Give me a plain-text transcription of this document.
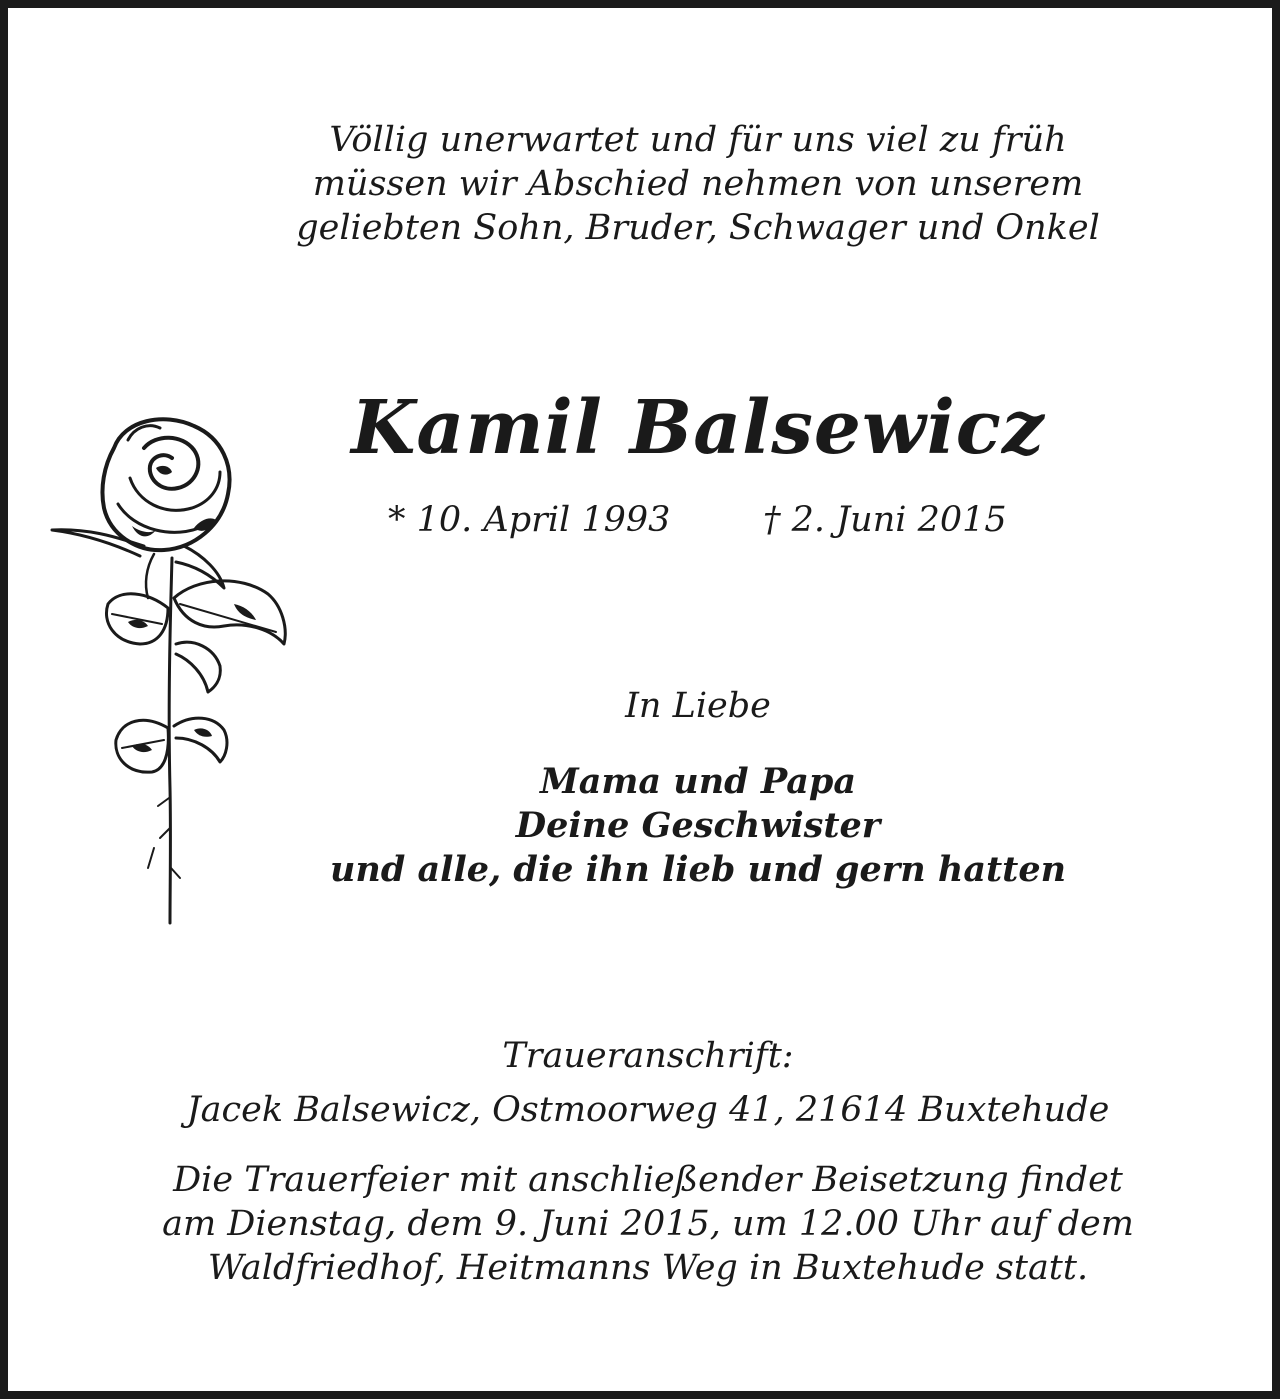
Völlig unerwartet und für uns viel zu früh
müssen wir Abschied nehmen von unserem
geliebten Sohn, Bruder, Schwager und Onkel
Kamil Balsewicz
* 10. April 1993	† 2. Juni 2015
In Liebe
Mama und Papa
Deine Geschwister
und alle, die ihn lieb und gern hatten
Traueranschrift:
Jacek Balsewicz, Ostmoorweg 41, 21614 Buxtehude
Die Trauerfeier mit anschließender Beisetzung findet
am Dienstag, dem 9. Juni 2015, um 12.00 Uhr auf dem
Waldfriedhof, Heitmanns Weg in Buxtehude statt.
